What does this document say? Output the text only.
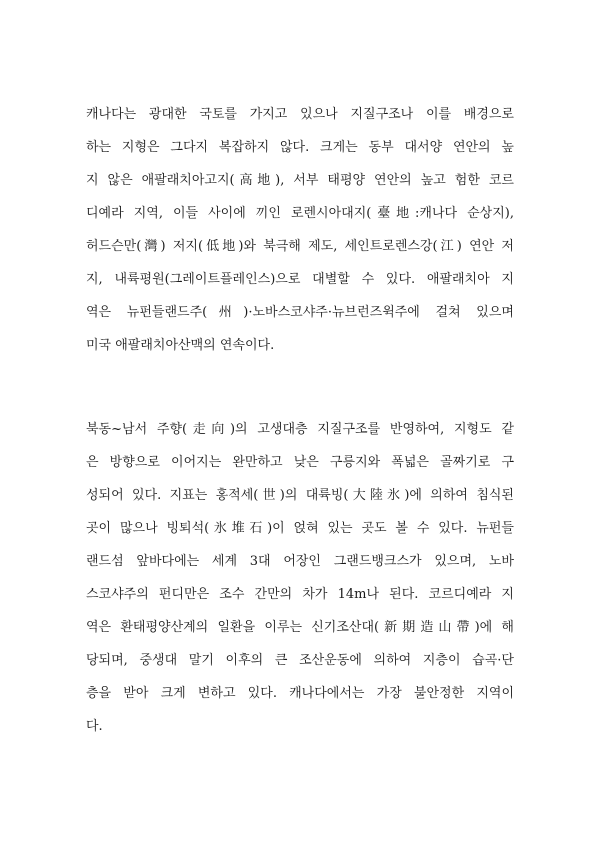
캐나다는 광대한 국토를 가지고 있으나 지질구조나 이를 배경으로
하는 지형은 그다지 복잡하지 않다. 크게는 동부 대서양 연안의 높
지 않은 애팔래치아고지(高地), 서부 태평양 연안의 높고 험한 코르
디예라 지역, 이들 사이에 끼인 로렌시아대지(臺地:캐나다 순상지),
허드슨만(灣) 저지(低地)와 북극해 제도, 세인트로렌스강(江) 연안 저
지, 내륙평원(그레이트플레인스)으로 대별할 수 있다. 애팔래치아 지
역은 뉴펀들랜드주(州)·노바스코샤주·뉴브런즈윅주에 걸쳐 있으며
미국 애팔래치아산맥의 연속이다.
북동~남서 주향(走向)의 고생대층 지질구조를 반영하여, 지형도 같
은 방향으로 이어지는 완만하고 낮은 구릉지와 폭넓은 골짜기로 구
성되어 있다. 지표는 홍적세(世)의 대륙빙(大陸氷)에 의하여 침식된
곳이 많으나 빙퇴석(氷堆石)이 얹혀 있는 곳도 볼 수 있다. 뉴펀들
랜드섬 앞바다에는 세계 3대 어장인 그랜드뱅크스가 있으며, 노바
스코샤주의 펀디만은 조수 간만의 차가 14m나 된다. 코르디예라 지
역은 환태평양산계의 일환을 이루는 신기조산대(新期造山帶)에 해
당되며, 중생대 말기 이후의 큰 조산운동에 의하여 지층이 습곡·단
층을 받아 크게 변하고 있다. 캐나다에서는 가장 불안정한 지역이
다.
